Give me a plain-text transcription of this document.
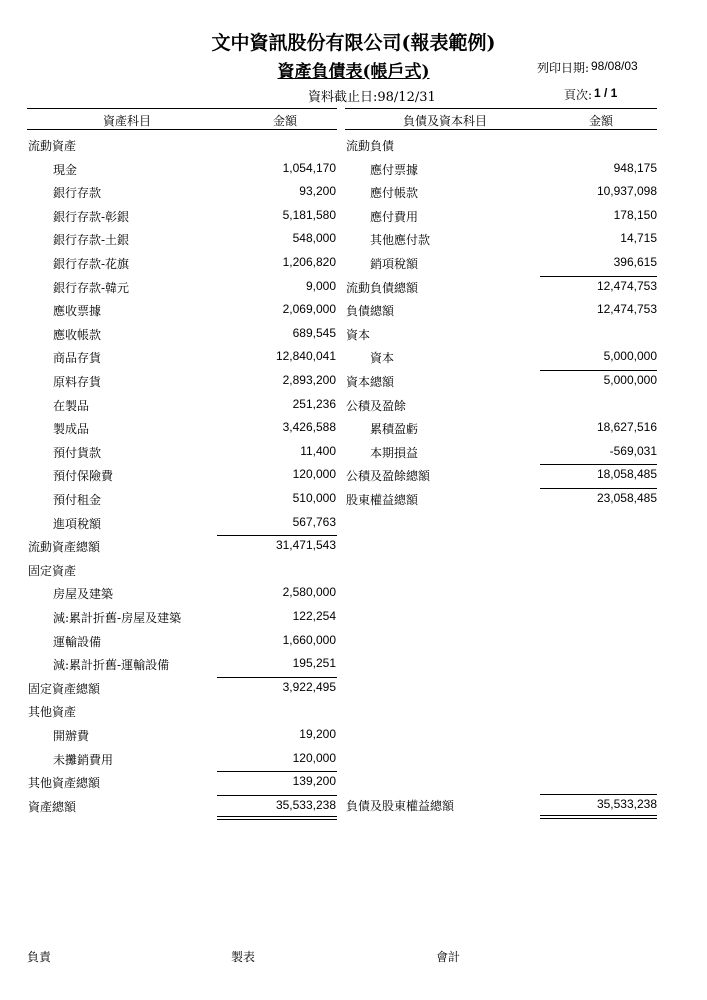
文中資訊股份有限公司(報表範例)
資產負債表(帳戶式)	列印日期: 98/08/03
資料截止日:98/12/31	頁次: 1 / 1
資產科目	金額	負債及資本科目	金額
流動資產
現金	1,054,170
銀行存款	93,200
銀行存款-彰銀	5,181,580
銀行存款-土銀	548,000
銀行存款-花旗	1,206,820
銀行存款-韓元	9,000
應收票據	2,069,000
應收帳款	689,545
商品存貨	12,840,041
原料存貨	2,893,200
在製品	251,236
製成品	3,426,588
預付貨款	11,400
預付保險費	120,000
預付租金	510,000
進項稅額	567,763
流動資產總額	31,471,543
固定資產
房屋及建築	2,580,000
減:累計折舊-房屋及建築	122,254
運輸設備	1,660,000
減:累計折舊-運輸設備	195,251
固定資產總額	3,922,495
其他資產
開辦費	19,200
未攤銷費用	120,000
其他資產總額	139,200
資產總額	35,533,238
流動負債
應付票據	948,175
應付帳款	10,937,098
應付費用	178,150
其他應付款	14,715
銷項稅額	396,615
流動負債總額	12,474,753
負債總額	12,474,753
資本
資本	5,000,000
資本總額	5,000,000
公積及盈餘
累積盈虧	18,627,516
本期損益	-569,031
公積及盈餘總額	18,058,485
股東權益總額	23,058,485
負債及股東權益總額	35,533,238
負責	製表	會計
